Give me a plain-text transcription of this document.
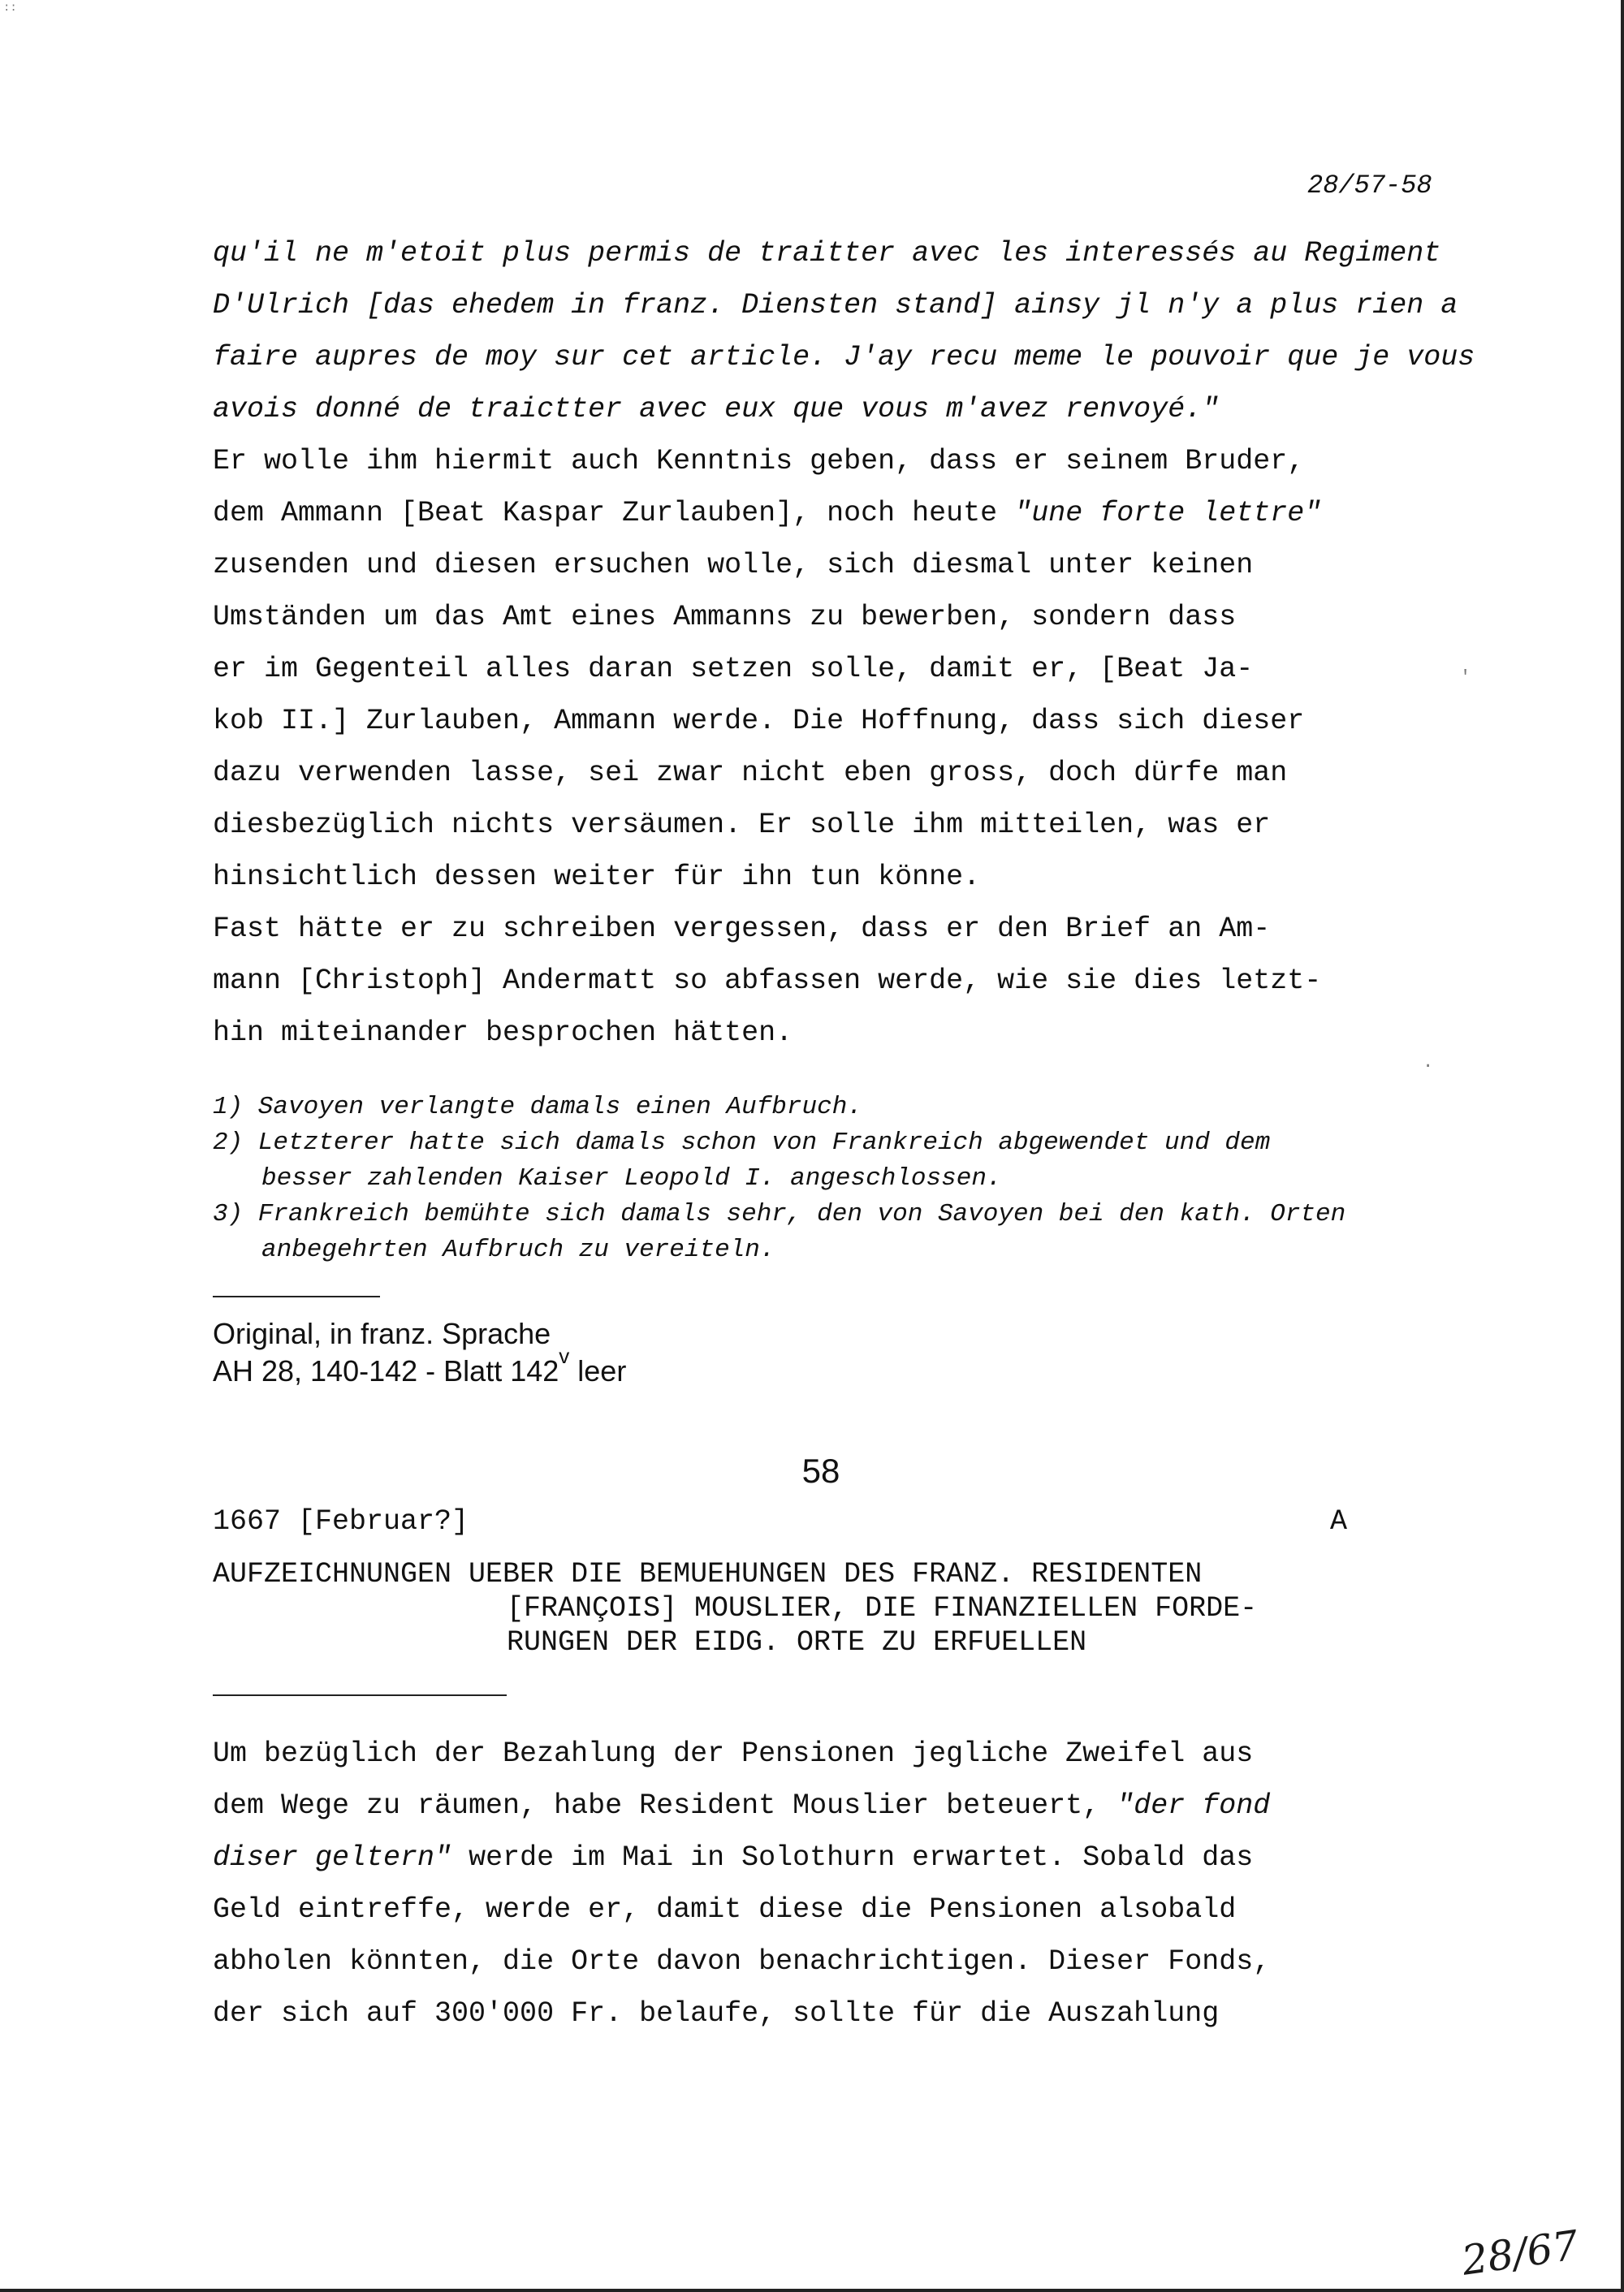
::
28/57-58
qu'il ne m'etoit plus permis de traitter avec les interessés au Regiment
D'Ulrich [das ehedem in franz. Diensten stand] ainsy jl n'y a plus rien a
faire aupres de moy sur cet article. J'ay recu meme le pouvoir que je vous
avois donné de traictter avec eux que vous m'avez renvoyé."
Er wolle ihm hiermit auch Kenntnis geben, dass er seinem Bruder,
dem Ammann [Beat Kaspar Zurlauben], noch heute "une forte lettre"
zusenden und diesen ersuchen wolle, sich diesmal unter keinen
Umständen um das Amt eines Ammanns zu bewerben, sondern dass
er im Gegenteil alles daran setzen solle, damit er, [Beat Ja-
kob II.] Zurlauben, Ammann werde. Die Hoffnung, dass sich dieser
dazu verwenden lasse, sei zwar nicht eben gross, doch dürfe man
diesbezüglich nichts versäumen. Er solle ihm mitteilen, was er
hinsichtlich dessen weiter für ihn tun könne.
Fast hätte er zu schreiben vergessen, dass er den Brief an Am-
mann [Christoph] Andermatt so abfassen werde, wie sie dies letzt-
hin miteinander besprochen hätten.
'
.
1) Savoyen verlangte damals einen Aufbruch.
2) Letzterer hatte sich damals schon von Frankreich abgewendet und dem
besser zahlenden Kaiser Leopold I. angeschlossen.
3) Frankreich bemühte sich damals sehr, den von Savoyen bei den kath. Orten
anbegehrten Aufbruch zu vereiteln.
Original, in franz. Sprache
AH 28, 140-142 - Blatt 142v leer
58
1667 [Februar?]	A
AUFZEICHNUNGEN UEBER DIE BEMUEHUNGEN DES FRANZ. RESIDENTEN
[FRANÇOIS] MOUSLIER, DIE FINANZIELLEN FORDE-
RUNGEN DER EIDG. ORTE ZU ERFUELLEN
Um bezüglich der Bezahlung der Pensionen jegliche Zweifel aus
dem Wege zu räumen, habe Resident Mouslier beteuert, "der fond
diser geltern" werde im Mai in Solothurn erwartet. Sobald das
Geld eintreffe, werde er, damit diese die Pensionen alsobald
abholen könnten, die Orte davon benachrichtigen. Dieser Fonds,
der sich auf 300'000 Fr. belaufe, sollte für die Auszahlung
28/67
